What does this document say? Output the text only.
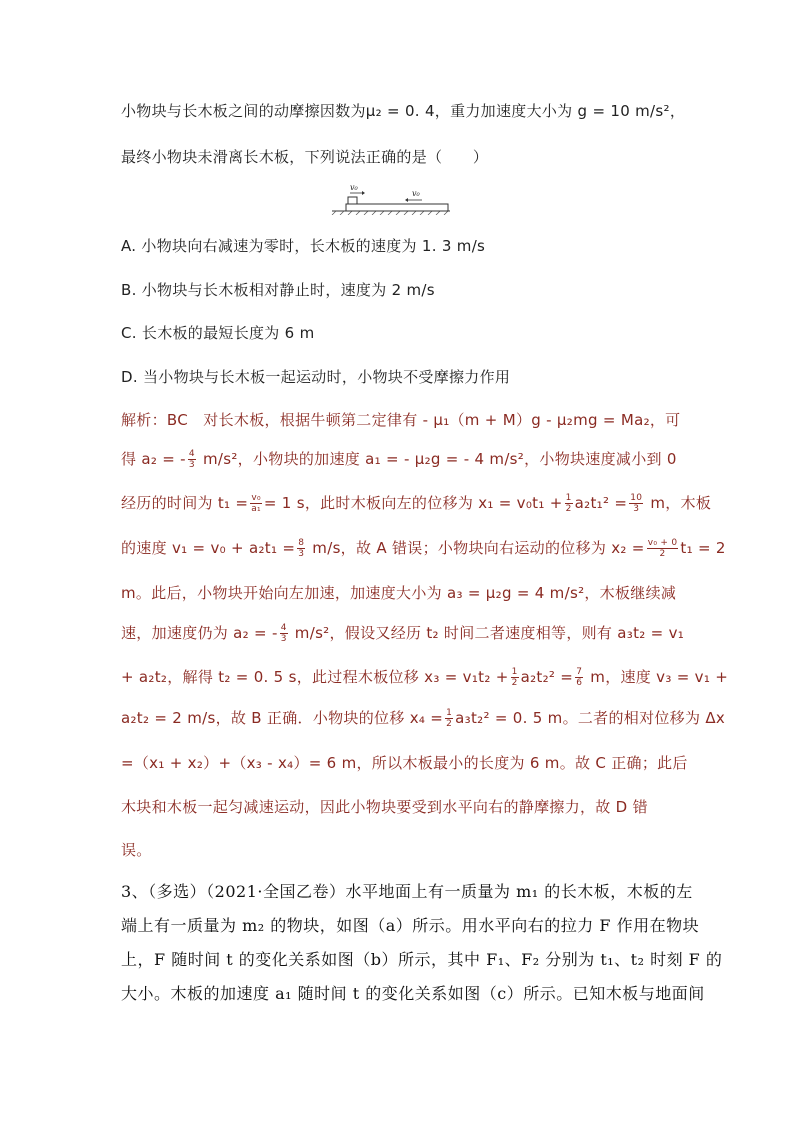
小物块与长木板之间的动摩擦因数为μ₂ = 0. 4，重力加速度大小为 g = 10 m/s²，
最终小物块未滑离长木板，下列说法正确的是（　　）
v₀
v₀
A. 小物块向右减速为零时，长木板的速度为 1. 3 m/s
B. 小物块与长木板相对静止时，速度为 2 m/s
C. 长木板的最短长度为 6 m
D. 当小物块与长木板一起运动时，小物块不受摩擦力作用
解析：BC　对长木板，根据牛顿第二定律有 - μ₁（m + M）g - μ₂mg = Ma₂，可
得 a₂ = - $\frac{4}{3} m/s^2$，小物块的加速度 a₁ = - μ₂g = - 4 m/s²，小物块速度减小到 0
经历的时间为 $t_1 = \frac{\text{v₀}}{\text{a₁}} = 1$ s，此时木板向左的位移为 $x_1 = v_0t_1 + \frac{1}{2} a_2t_1^2 = \frac{10}{3}$ m，木板
的速度 $v_1 = v_0 + a_2t_1 = \frac{8}{3} m/s$，故 A 错误；小物块向右运动的位移为 $x_2 = \frac{\text{v₀ + 0}}{2} t_1 = 2$
m。此后，小物块开始向左加速，加速度大小为 a₃ = μ₂g = 4 m/s²，木板继续减
速，加速度仍为 a₂ = - $\frac{4}{3} m/s^2$，假设又经历 t₂ 时间二者速度相等，则有 a₃t₂ = v₁
+ a₂t₂，解得 t₂ = 0. 5 s，此过程木板位移 $x_3 = v_1t_2 + \frac{1}{2} a_2t_2^2 = \frac{7}{6}$ m，速度 v₃ = v₁ +
a₂t₂ = 2 m/s，故 B 正确．小物块的位移 $x_4 = \frac{1}{2} a_3t_2^2 = 0$. 5 m。二者的相对位移为 Δx
=（x₁ + x₂）+（x₃ - x₄）= 6 m，所以木板最小的长度为 6 m。故 C 正确；此后
木块和木板一起匀减速运动，因此小物块要受到水平向右的静摩擦力，故 D 错
误。
3、（多选）（2021·全国乙卷）水平地面上有一质量为 m₁ 的长木板，木板的左
端上有一质量为 m₂ 的物块，如图（a）所示。用水平向右的拉力 F 作用在物块
上，F 随时间 t 的变化关系如图（b）所示，其中 F₁、F₂ 分别为 t₁、t₂ 时刻 F 的
大小。木板的加速度 a₁ 随时间 t 的变化关系如图（c）所示。已知木板与地面间
